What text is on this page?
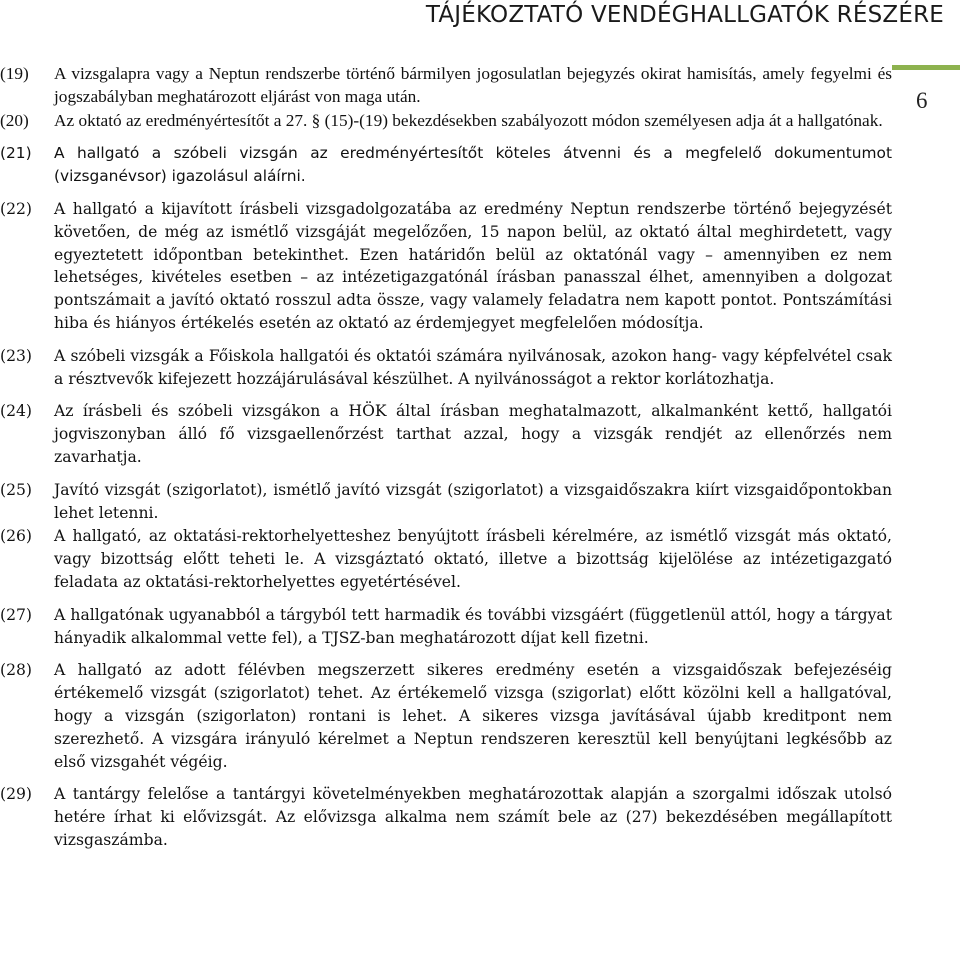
TÁJÉKOZTATÓ VENDÉGHALLGATÓK RÉSZÉRE
6
(19)	A vizsgalapra vagy a Neptun rendszerbe történő bármilyen jogosulatlan bejegyzés okirat hamisítás, amely fegyelmi és jogszabályban meghatározott eljárást von maga után.
(20)	Az oktató az eredményértesítőt a 27. § (15)-(19) bekezdésekben szabályozott módon személyesen adja át a hallgatónak.
(21)	A hallgató a szóbeli vizsgán az eredményértesítőt köteles átvenni és a megfelelő dokumentumot (vizsganévsor) igazolásul aláírni.
(22)	A hallgató a kijavított írásbeli vizsgadolgozatába az eredmény Neptun rendszerbe történő bejegyzését követően, de még az ismétlő vizsgáját megelőzően, 15 napon belül, az oktató által meghirdetett, vagy egyeztetett időpontban betekinthet. Ezen határidőn belül az oktatónál vagy – amennyiben ez nem lehetséges, kivételes esetben – az intézetigazgatónál írásban panasszal élhet, amennyiben a dolgozat pontszámait a javító oktató rosszul adta össze, vagy valamely feladatra nem kapott pontot. Pontszámítási hiba és hiányos értékelés esetén az oktató az érdemjegyet megfelelően módosítja.
(23)	A szóbeli vizsgák a Főiskola hallgatói és oktatói számára nyilvánosak, azokon hang- vagy képfelvétel csak a résztvevők kifejezett hozzájárulásával készülhet. A nyilvánosságot a rektor korlátozhatja.
(24)	Az írásbeli és szóbeli vizsgákon a HÖK által írásban meghatalmazott, alkalmanként kettő, hallgatói jogviszonyban álló fő vizsgaellenőrzést tarthat azzal, hogy a vizsgák rendjét az ellenőrzés nem zavarhatja.
(25)	Javító vizsgát (szigorlatot), ismétlő javító vizsgát (szigorlatot) a vizsgaidőszakra kiírt vizsgaidőpontokban lehet letenni.
(26)	A hallgató, az oktatási-rektorhelyetteshez benyújtott írásbeli kérelmére, az ismétlő vizsgát más oktató, vagy bizottság előtt teheti le. A vizsgáztató oktató, illetve a bizottság kijelölése az intézetigazgató feladata az oktatási-rektorhelyettes egyetértésével.
(27)	A hallgatónak ugyanabból a tárgyból tett harmadik és további vizsgáért (függetlenül attól, hogy a tárgyat hányadik alkalommal vette fel), a TJSZ-ban meghatározott díjat kell fizetni.
(28)	A hallgató az adott félévben megszerzett sikeres eredmény esetén a vizsgaidőszak befejezéséig értékemelő vizsgát (szigorlatot) tehet. Az értékemelő vizsga (szigorlat) előtt közölni kell a hallgatóval, hogy a vizsgán (szigorlaton) rontani is lehet. A sikeres vizsga javításával újabb kreditpont nem szerezhető. A vizsgára irányuló kérelmet a Neptun rendszeren keresztül kell benyújtani legkésőbb az első vizsgahét végéig.
(29)	A tantárgy felelőse a tantárgyi követelményekben meghatározottak alapján a szorgalmi időszak utolsó hetére írhat ki elővizsgát. Az elővizsga alkalma nem számít bele az (27) bekezdésében megállapított vizsgaszámba.
